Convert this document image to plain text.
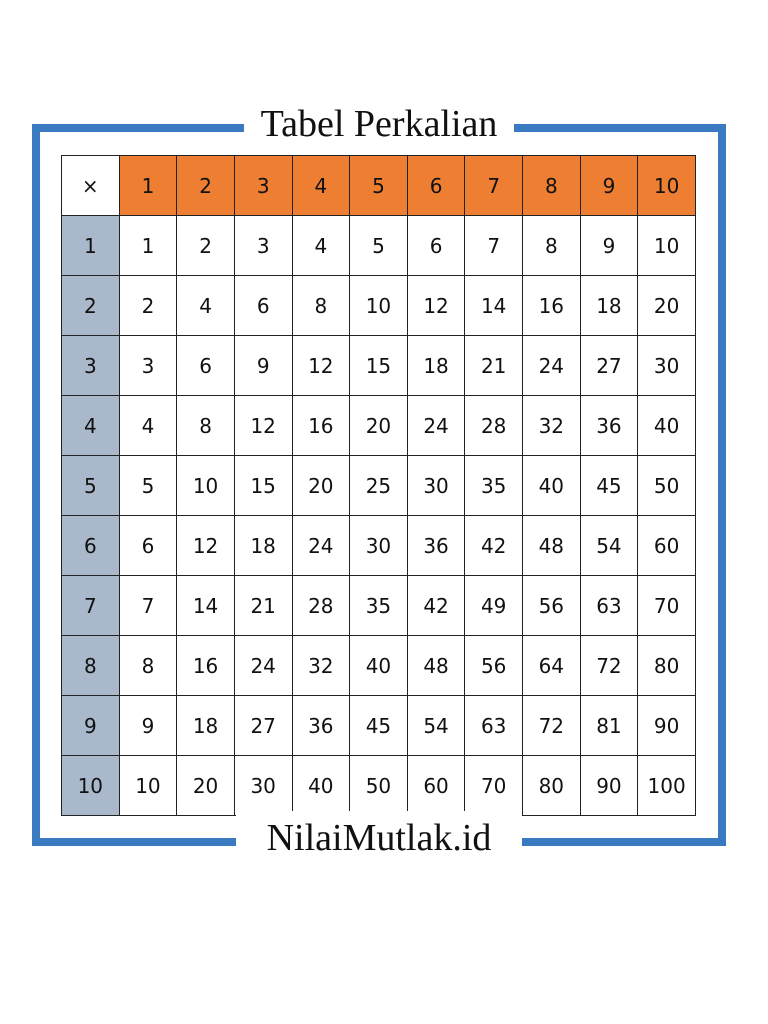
Tabel Perkalian
×	1	2	3	4	5	6	7	8	9	10
1	1	2	3	4	5	6	7	8	9	10
2	2	4	6	8	10	12	14	16	18	20
3	3	6	9	12	15	18	21	24	27	30
4	4	8	12	16	20	24	28	32	36	40
5	5	10	15	20	25	30	35	40	45	50
6	6	12	18	24	30	36	42	48	54	60
7	7	14	21	28	35	42	49	56	63	70
8	8	16	24	32	40	48	56	64	72	80
9	9	18	27	36	45	54	63	72	81	90
10	10	20	30	40	50	60	70	80	90	100
NilaiMutlak.id
